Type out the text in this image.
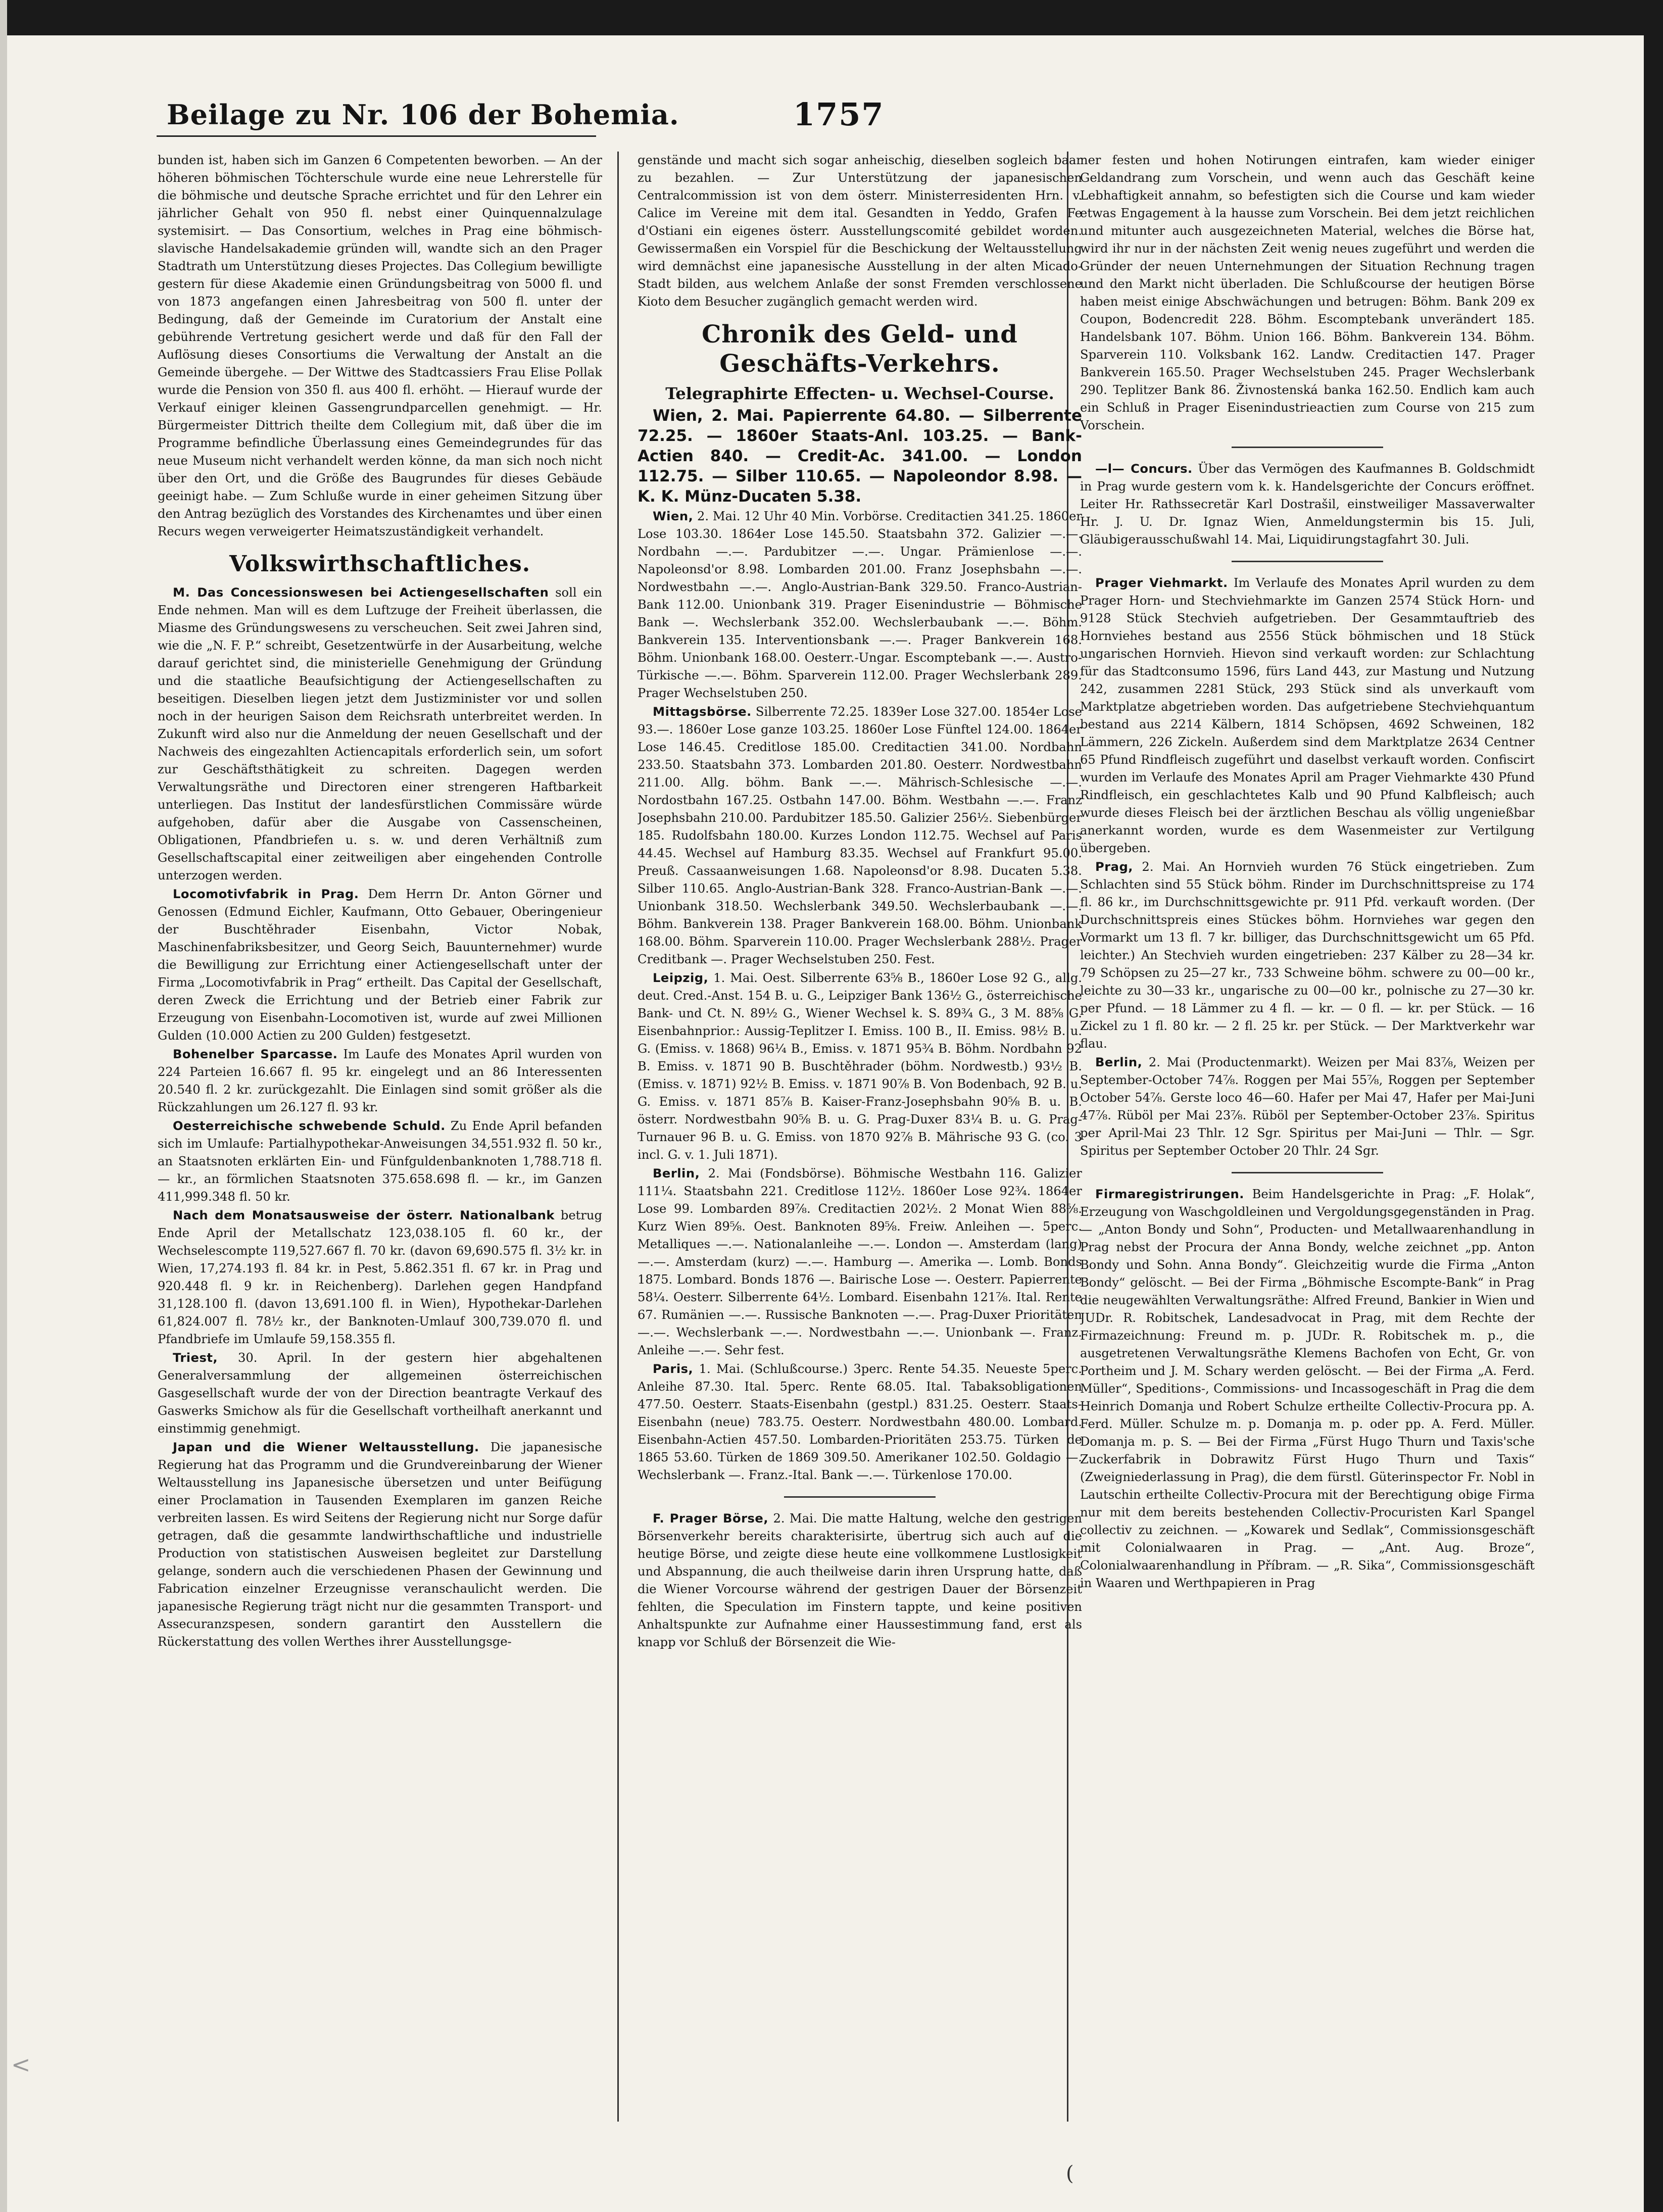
<
Beilage zu Nr. 106 der Bohemia.	1757

bunden ist, haben sich im Ganzen 6 Competenten beworben. — An der höheren böhmischen Töchterschule wurde eine neue Lehrerstelle für die böhmische und deutsche Sprache errichtet und für den Lehrer ein jährlicher Gehalt von 950 fl. nebst einer Quinquennalzulage systemisirt. — Das Consortium, welches in Prag eine böhmisch-slavische Handelsakademie gründen will, wandte sich an den Prager Stadtrath um Unterstützung dieses Projectes. Das Collegium bewilligte gestern für diese Akademie einen Gründungsbeitrag von 5000 fl. und von 1873 angefangen einen Jahresbeitrag von 500 fl. unter der Bedingung, daß der Gemeinde im Curatorium der Anstalt eine gebührende Vertretung gesichert werde und daß für den Fall der Auflösung dieses Consortiums die Verwaltung der Anstalt an die Gemeinde übergehe. — Der Wittwe des Stadtcassiers Frau Elise Pollak wurde die Pension von 350 fl. aus 400 fl. erhöht. — Hierauf wurde der Verkauf einiger kleinen Gassengrundparcellen genehmigt. — Hr. Bürgermeister Dittrich theilte dem Collegium mit, daß über die im Programme befindliche Überlassung eines Gemeindegrundes für das neue Museum nicht verhandelt werden könne, da man sich noch nicht über den Ort, und die Größe des Baugrundes für dieses Gebäude geeinigt habe. — Zum Schluße wurde in einer geheimen Sitzung über den Antrag bezüglich des Vorstandes des Kirchenamtes und über einen Recurs wegen verweigerter Heimatszuständigkeit verhandelt.

Volkswirthschaftliches.

M. Das Concessionswesen bei Actiengesellschaften soll ein Ende nehmen. Man will es dem Luftzuge der Freiheit überlassen, die Miasme des Gründungswesens zu verscheuchen. Seit zwei Jahren sind, wie die „N. F. P.“ schreibt, Gesetzentwürfe in der Ausarbeitung, welche darauf gerichtet sind, die ministerielle Genehmigung der Gründung und die staatliche Beaufsichtigung der Actiengesellschaften zu beseitigen. Dieselben liegen jetzt dem Justizminister vor und sollen noch in der heurigen Saison dem Reichsrath unterbreitet werden. In Zukunft wird also nur die Anmeldung der neuen Gesellschaft und der Nachweis des eingezahlten Actiencapitals erforderlich sein, um sofort zur Geschäftsthätigkeit zu schreiten. Dagegen werden Verwaltungsräthe und Directoren einer strengeren Haftbarkeit unterliegen. Das Institut der landesfürstlichen Commissäre würde aufgehoben, dafür aber die Ausgabe von Cassenscheinen, Obligationen, Pfandbriefen u. s. w. und deren Verhältniß zum Gesellschaftscapital einer zeitweiligen aber eingehenden Controlle unterzogen werden.

Locomotivfabrik in Prag. Dem Herrn Dr. Anton Görner und Genossen (Edmund Eichler, Kaufmann, Otto Gebauer, Oberingenieur der Buschtěhrader Eisenbahn, Victor Nobak, Maschinenfabriksbesitzer, und Georg Seich, Bauunternehmer) wurde die Bewilligung zur Errichtung einer Actiengesellschaft unter der Firma „Locomotivfabrik in Prag“ ertheilt. Das Capital der Gesellschaft, deren Zweck die Errichtung und der Betrieb einer Fabrik zur Erzeugung von Eisenbahn-Locomotiven ist, wurde auf zwei Millionen Gulden (10.000 Actien zu 200 Gulden) festgesetzt.

Bohenelber Sparcasse. Im Laufe des Monates April wurden von 224 Parteien 16.667 fl. 95 kr. eingelegt und an 86 Interessenten 20.540 fl. 2 kr. zurückgezahlt. Die Einlagen sind somit größer als die Rückzahlungen um 26.127 fl. 93 kr.

Oesterreichische schwebende Schuld. Zu Ende April befanden sich im Umlaufe: Partialhypothekar-Anweisungen 34,551.932 fl. 50 kr., an Staatsnoten erklärten Ein- und Fünfguldenbanknoten 1,788.718 fl. — kr., an förmlichen Staatsnoten 375.658.698 fl. — kr., im Ganzen 411,999.348 fl. 50 kr.

Nach dem Monatsausweise der österr. Nationalbank betrug Ende April der Metallschatz 123,038.105 fl. 60 kr., der Wechselescompte 119,527.667 fl. 70 kr. (davon 69,690.575 fl. 3½ kr. in Wien, 17,274.193 fl. 84 kr. in Pest, 5.862.351 fl. 67 kr. in Prag und 920.448 fl. 9 kr. in Reichenberg). Darlehen gegen Handpfand 31,128.100 fl. (davon 13,691.100 fl. in Wien), Hypothekar-Darlehen 61,824.007 fl. 78½ kr., der Banknoten-Umlauf 300,739.070 fl. und Pfandbriefe im Umlaufe 59,158.355 fl.

Triest, 30. April. In der gestern hier abgehaltenen Generalversammlung der allgemeinen österreichischen Gasgesellschaft wurde der von der Direction beantragte Verkauf des Gaswerks Smichow als für die Gesellschaft vortheilhaft anerkannt und einstimmig genehmigt.

Japan und die Wiener Weltausstellung. Die japanesische Regierung hat das Programm und die Grundvereinbarung der Wiener Weltausstellung ins Japanesische übersetzen und unter Beifügung einer Proclamation in Tausenden Exemplaren im ganzen Reiche verbreiten lassen. Es wird Seitens der Regierung nicht nur Sorge dafür getragen, daß die gesammte landwirthschaftliche und industrielle Production von statistischen Ausweisen begleitet zur Darstellung gelange, sondern auch die verschiedenen Phasen der Gewinnung und Fabrication einzelner Erzeugnisse veranschaulicht werden. Die japanesische Regierung trägt nicht nur die gesammten Transport- und Assecuranzspesen, sondern garantirt den Ausstellern die Rückerstattung des vollen Werthes ihrer Ausstellungsge-

genstände und macht sich sogar anheischig, dieselben sogleich baar zu bezahlen. — Zur Unterstützung der japanesischen Centralcommission ist von dem österr. Ministerresidenten Hrn. v. Calice im Vereine mit dem ital. Gesandten in Yeddo, Grafen Fe d'Ostiani ein eigenes österr. Ausstellungscomité gebildet worden. Gewissermaßen ein Vorspiel für die Beschickung der Weltausstellung wird demnächst eine japanesische Ausstellung in der alten Micado-Stadt bilden, aus welchem Anlaße der sonst Fremden verschlossene Kioto dem Besucher zugänglich gemacht werden wird.

Chronik des Geld- und Geschäfts-Verkehrs.
Telegraphirte Effecten- u. Wechsel-Course.

Wien, 2. Mai. Papierrente 64.80. — Silberrente 72.25. — 1860er Staats-Anl. 103.25. — Bank-Actien 840. — Credit-Ac. 341.00. — London 112.75. — Silber 110.65. — Napoleondor 8.98. — K. K. Münz-Ducaten 5.38.

Wien, 2. Mai. 12 Uhr 40 Min. Vorbörse. Creditactien 341.25. 1860er Lose 103.30. 1864er Lose 145.50. Staatsbahn 372. Galizier —.—. Nordbahn —.—. Pardubitzer —.—. Ungar. Prämienlose —.—. Napoleonsd'or 8.98. Lombarden 201.00. Franz Josephsbahn —.—. Nordwestbahn —.—. Anglo-Austrian-Bank 329.50. Franco-Austrian-Bank 112.00. Unionbank 319. Prager Eisenindustrie — Böhmische Bank —. Wechslerbank 352.00. Wechslerbaubank —.—. Böhm. Bankverein 135. Interventionsbank —.—. Prager Bankverein 168. Böhm. Unionbank 168.00. Oesterr.-Ungar. Escomptebank —.—. Austro-Türkische —.—. Böhm. Sparverein 112.00. Prager Wechslerbank 289. Prager Wechselstuben 250.

Mittagsbörse. Silberrente 72.25. 1839er Lose 327.00. 1854er Lose 93.—. 1860er Lose ganze 103.25. 1860er Lose Fünftel 124.00. 1864er Lose 146.45. Creditlose 185.00. Creditactien 341.00. Nordbahn 233.50. Staatsbahn 373. Lombarden 201.80. Oesterr. Nordwestbahn 211.00. Allg. böhm. Bank —.—. Mährisch-Schlesische —.—. Nordostbahn 167.25. Ostbahn 147.00. Böhm. Westbahn —.—. Franz Josephsbahn 210.00. Pardubitzer 185.50. Galizier 256½. Siebenbürger 185. Rudolfsbahn 180.00. Kurzes London 112.75. Wechsel auf Paris 44.45. Wechsel auf Hamburg 83.35. Wechsel auf Frankfurt 95.00. Preuß. Cassaanweisungen 1.68. Napoleonsd'or 8.98. Ducaten 5.38. Silber 110.65. Anglo-Austrian-Bank 328. Franco-Austrian-Bank —.—. Unionbank 318.50. Wechslerbank 349.50. Wechslerbaubank —.—. Böhm. Bankverein 138. Prager Bankverein 168.00. Böhm. Unionbank 168.00. Böhm. Sparverein 110.00. Prager Wechslerbank 288½. Prager Creditbank —. Prager Wechselstuben 250. Fest.

Leipzig, 1. Mai. Oest. Silberrente 63⅝ B., 1860er Lose 92 G., allg. deut. Cred.-Anst. 154 B. u. G., Leipziger Bank 136½ G., österreichische Bank- und Ct. N. 89½ G., Wiener Wechsel k. S. 89¾ G., 3 M. 88⅝ G. Eisenbahnprior.: Aussig-Teplitzer I. Emiss. 100 B., II. Emiss. 98½ B. u. G. (Emiss. v. 1868) 96¼ B., Emiss. v. 1871 95¾ B. Böhm. Nordbahn 92 B. Emiss. v. 1871 90 B. Buschtěhrader (böhm. Nordwestb.) 93½ B. (Emiss. v. 1871) 92½ B. Emiss. v. 1871 90⅞ B. Von Bodenbach, 92 B. u. G. Emiss. v. 1871 85⅞ B. Kaiser-Franz-Josephsbahn 90⅝ B. u. B. österr. Nordwestbahn 90⅝ B. u. G. Prag-Duxer 83¼ B. u. G. Prag-Turnauer 96 B. u. G. Emiss. von 1870 92⅞ B. Mährische 93 G. (co. 3 incl. G. v. 1. Juli 1871).

Berlin, 2. Mai (Fondsbörse). Böhmische Westbahn 116. Galizier 111¼. Staatsbahn 221. Creditlose 112½. 1860er Lose 92¾. 1864er Lose 99. Lombarden 89⅞. Creditactien 202½. 2 Monat Wien 88⅝. Kurz Wien 89⅝. Oest. Banknoten 89⅝. Freiw. Anleihen —. 5perc. Metalliques —.—. Nationalanleihe —.—. London —. Amsterdam (lang) —.—. Amsterdam (kurz) —.—. Hamburg —. Amerika —. Lomb. Bonds 1875. Lombard. Bonds 1876 —. Bairische Lose —. Oesterr. Papierrente 58¼. Oesterr. Silberrente 64½. Lombard. Eisenbahn 121⅞. Ital. Rente 67. Rumänien —.—. Russische Banknoten —.—. Prag-Duxer Prioritäten —.—. Wechslerbank —.—. Nordwestbahn —.—. Unionbank —. Franz. Anleihe —.—. Sehr fest.

Paris, 1. Mai. (Schlußcourse.) 3perc. Rente 54.35. Neueste 5perc. Anleihe 87.30. Ital. 5perc. Rente 68.05. Ital. Tabaksobligationen 477.50. Oesterr. Staats-Eisenbahn (gestpl.) 831.25. Oesterr. Staats-Eisenbahn (neue) 783.75. Oesterr. Nordwestbahn 480.00. Lombard. Eisenbahn-Actien 457.50. Lombarden-Prioritäten 253.75. Türken de 1865 53.60. Türken de 1869 309.50. Amerikaner 102.50. Goldagio —. Wechslerbank —. Franz.-Ital. Bank —.—. Türkenlose 170.00.

F. Prager Börse, 2. Mai. Die matte Haltung, welche den gestrigen Börsenverkehr bereits charakterisirte, übertrug sich auch auf die heutige Börse, und zeigte diese heute eine vollkommene Lustlosigkeit und Abspannung, die auch theilweise darin ihren Ursprung hatte, daß die Wiener Vorcourse während der gestrigen Dauer der Börsenzeit fehlten, die Speculation im Finstern tappte, und keine positiven Anhaltspunkte zur Aufnahme einer Haussestimmung fand, erst als knapp vor Schluß der Börsenzeit die Wie-

ner festen und hohen Notirungen eintrafen, kam wieder einiger Geldandrang zum Vorschein, und wenn auch das Geschäft keine Lebhaftigkeit annahm, so befestigten sich die Course und kam wieder etwas Engagement à la hausse zum Vorschein. Bei dem jetzt reichlichen und mitunter auch ausgezeichneten Material, welches die Börse hat, wird ihr nur in der nächsten Zeit wenig neues zugeführt und werden die Gründer der neuen Unternehmungen der Situation Rechnung tragen und den Markt nicht überladen. Die Schlußcourse der heutigen Börse haben meist einige Abschwächungen und betrugen: Böhm. Bank 209 ex Coupon, Bodencredit 228. Böhm. Escomptebank unverändert 185. Handelsbank 107. Böhm. Union 166. Böhm. Bankverein 134. Böhm. Sparverein 110. Volksbank 162. Landw. Creditactien 147. Prager Bankverein 165.50. Prager Wechselstuben 245. Prager Wechslerbank 290. Teplitzer Bank 86. Živnostenská banka 162.50. Endlich kam auch ein Schluß in Prager Eisenindustrieactien zum Course von 215 zum Vorschein.

—l— Concurs. Über das Vermögen des Kaufmannes B. Goldschmidt in Prag wurde gestern vom k. k. Handelsgerichte der Concurs eröffnet. Leiter Hr. Rathssecretär Karl Dostrašil, einstweiliger Massaverwalter Hr. J. U. Dr. Ignaz Wien, Anmeldungstermin bis 15. Juli, Gläubigerausschußwahl 14. Mai, Liquidirungstagfahrt 30. Juli.

Prager Viehmarkt. Im Verlaufe des Monates April wurden zu dem Prager Horn- und Stechviehmarkte im Ganzen 2574 Stück Horn- und 9128 Stück Stechvieh aufgetrieben. Der Gesammtauftrieb des Hornviehes bestand aus 2556 Stück böhmischen und 18 Stück ungarischen Hornvieh. Hievon sind verkauft worden: zur Schlachtung für das Stadtconsumo 1596, fürs Land 443, zur Mastung und Nutzung 242, zusammen 2281 Stück, 293 Stück sind als unverkauft vom Marktplatze abgetrieben worden. Das aufgetriebene Stechviehquantum bestand aus 2214 Kälbern, 1814 Schöpsen, 4692 Schweinen, 182 Lämmern, 226 Zickeln. Außerdem sind dem Marktplatze 2634 Centner 65 Pfund Rindfleisch zugeführt und daselbst verkauft worden. Confiscirt wurden im Verlaufe des Monates April am Prager Viehmarkte 430 Pfund Rindfleisch, ein geschlachtetes Kalb und 90 Pfund Kalbfleisch; auch wurde dieses Fleisch bei der ärztlichen Beschau als völlig ungenießbar anerkannt worden, wurde es dem Wasenmeister zur Vertilgung übergeben.

Prag, 2. Mai. An Hornvieh wurden 76 Stück eingetrieben. Zum Schlachten sind 55 Stück böhm. Rinder im Durchschnittspreise zu 174 fl. 86 kr., im Durchschnittsgewichte pr. 911 Pfd. verkauft worden. (Der Durchschnittspreis eines Stückes böhm. Hornviehes war gegen den Vormarkt um 13 fl. 7 kr. billiger, das Durchschnittsgewicht um 65 Pfd. leichter.) An Stechvieh wurden eingetrieben: 237 Kälber zu 28—34 kr. 79 Schöpsen zu 25—27 kr., 733 Schweine böhm. schwere zu 00—00 kr., leichte zu 30—33 kr., ungarische zu 00—00 kr., polnische zu 27—30 kr. per Pfund. — 18 Lämmer zu 4 fl. — kr. — 0 fl. — kr. per Stück. — 16 Zickel zu 1 fl. 80 kr. — 2 fl. 25 kr. per Stück. — Der Marktverkehr war flau.

Berlin, 2. Mai (Productenmarkt). Weizen per Mai 83⅞, Weizen per September-October 74⅞. Roggen per Mai 55⅞, Roggen per September October 54⅞. Gerste loco 46—60. Hafer per Mai 47, Hafer per Mai-Juni 47⅞. Rüböl per Mai 23⅞. Rüböl per September-October 23⅞. Spiritus per April-Mai 23 Thlr. 12 Sgr. Spiritus per Mai-Juni — Thlr. — Sgr. Spiritus per September October 20 Thlr. 24 Sgr.

Firmaregistrirungen. Beim Handelsgerichte in Prag: „F. Holak“, Erzeugung von Waschgoldleinen und Vergoldungsgegenständen in Prag. — „Anton Bondy und Sohn“, Producten- und Metallwaarenhandlung in Prag nebst der Procura der Anna Bondy, welche zeichnet „pp. Anton Bondy und Sohn. Anna Bondy“. Gleichzeitig wurde die Firma „Anton Bondy“ gelöscht. — Bei der Firma „Böhmische Escompte-Bank“ in Prag die neugewählten Verwaltungsräthe: Alfred Freund, Bankier in Wien und JUDr. R. Robitschek, Landesadvocat in Prag, mit dem Rechte der Firmazeichnung: Freund m. p. JUDr. R. Robitschek m. p., die ausgetretenen Verwaltungsräthe Klemens Bachofen von Echt, Gr. von Portheim und J. M. Schary werden gelöscht. — Bei der Firma „A. Ferd. Müller“, Speditions-, Commissions- und Incassogeschäft in Prag die dem Heinrich Domanja und Robert Schulze ertheilte Collectiv-Procura pp. A. Ferd. Müller. Schulze m. p. Domanja m. p. oder pp. A. Ferd. Müller. Domanja m. p. S. — Bei der Firma „Fürst Hugo Thurn und Taxis'sche Zuckerfabrik in Dobrawitz Fürst Hugo Thurn und Taxis“ (Zweigniederlassung in Prag), die dem fürstl. Güterinspector Fr. Nobl in Lautschin ertheilte Collectiv-Procura mit der Berechtigung obige Firma nur mit dem bereits bestehenden Collectiv-Procuristen Karl Spangel collectiv zu zeichnen. — „Kowarek und Sedlak“, Commissionsgeschäft mit Colonialwaaren in Prag. — „Ant. Aug. Broze“, Colonialwaarenhandlung in Příbram. — „R. Sika“, Commissionsgeschäft in Waaren und Werthpapieren in Prag

(
